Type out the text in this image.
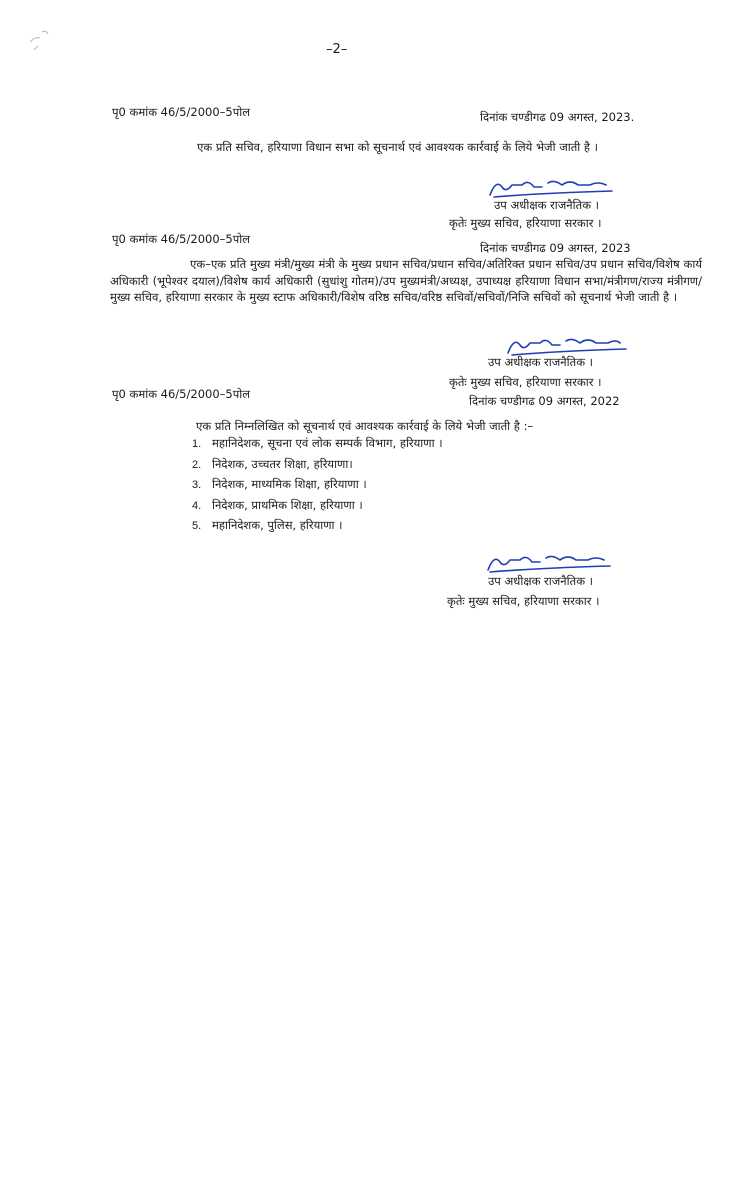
–2–
पृ0 कमांक 46/5/2000–5पोल	दिनांक चण्डीगढ 09 अगस्त, 2023.
एक प्रति सचिव, हरियाणा विधान सभा को सूचनार्थ एवं आवश्यक कार्रवाई के लिये भेजी जाती है ।
उप अधीक्षक राजनैतिक ।
कृतेः मुख्य सचिव, हरियाणा सरकार ।
पृ0 कमांक 46/5/2000–5पोल
दिनांक चण्डीगढ 09 अगस्त, 2023
एक–एक प्रति मुख्य मंत्री/मुख्य मंत्री के मुख्य प्रधान सचिव/प्रधान सचिव/अतिरिक्त प्रधान सचिव/उप प्रधान सचिव/विशेष कार्य अधिकारी (भूपेश्वर दयाल)/विशेष कार्य अधिकारी (सुधांशु गोतम)/उप मुख्यमंत्री/अध्यक्ष, उपाध्यक्ष हरियाणा विधान सभा/मंत्रीगण/राज्य मंत्रीगण/मुख्य सचिव, हरियाणा सरकार के मुख्य स्टाफ अधिकारी/विशेष वरिष्ठ सचिव/वरिष्ठ सचिवों/सचिवों/निजि सचिवों को सूचनार्थ भेजी जाती है ।
उप अधीक्षक राजनैतिक ।
कृतेः मुख्य सचिव, हरियाणा सरकार ।
पृ0 कमांक 46/5/2000–5पोल	दिनांक चण्डीगढ 09 अगस्त, 2022
एक प्रति निम्नलिखित को सूचनार्थ एवं आवश्यक कार्रवाई के लिये भेजी जाती है :–
1. महानिदेशक, सूचना एवं लोक सम्पर्क विभाग, हरियाणा ।
2. निदेशक, उच्चतर शिक्षा, हरियाणा।
3. निदेशक, माध्यमिक शिक्षा, हरियाणा ।
4. निदेशक, प्राथमिक शिक्षा, हरियाणा ।
5. महानिदेशक, पुलिस, हरियाणा ।
उप अधीक्षक राजनैतिक ।
कृतेः मुख्य सचिव, हरियाणा सरकार ।
